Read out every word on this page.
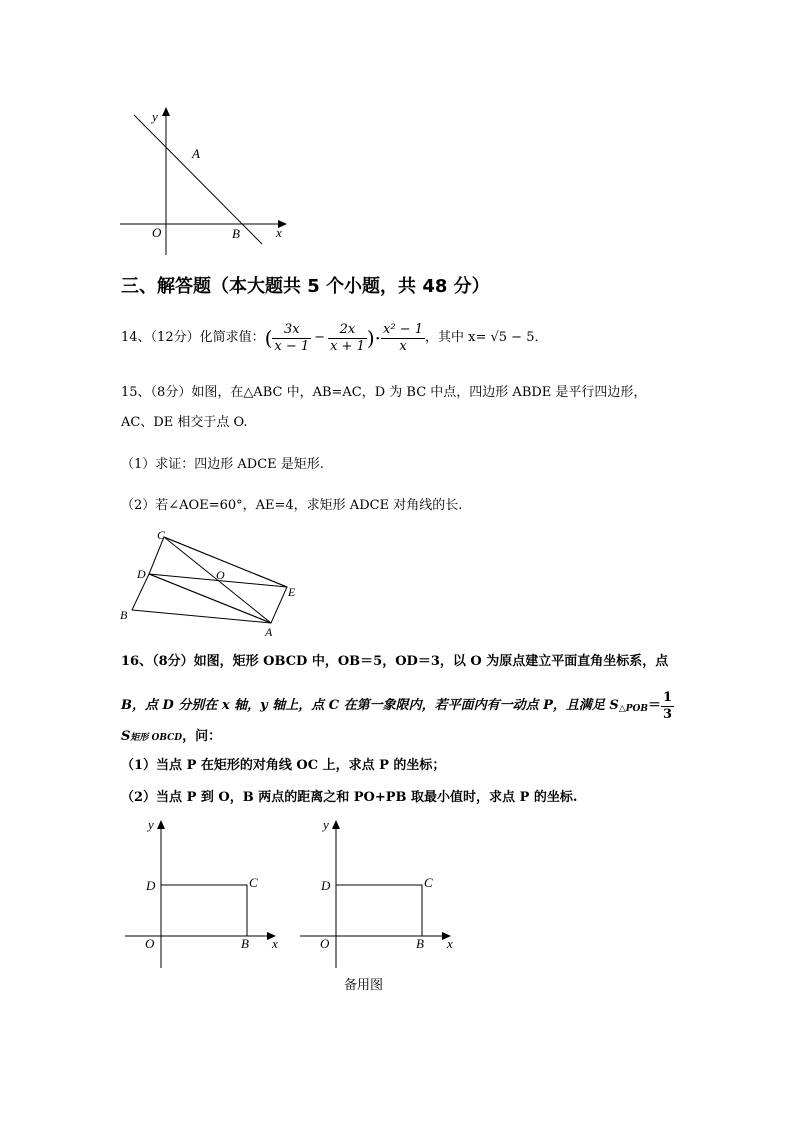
y
x
O
A
B
三、解答题（本大题共 5 个小题，共 48 分）
14、（12分）化简求值： ( $\frac{3x}{x - 1} - \frac{2x}{x + 1}$ )· $\frac{\text{x² − 1}}{x}$ ，其中 x= √5 − 5．
15、（8分）如图，在△ABC 中，AB=AC，D 为 BC 中点，四边形 ABDE 是平行四边形，
AC、DE 相交于点 O.
（1）求证：四边形 ADCE 是矩形.
（2）若∠AOE=60°，AE=4，求矩形 ADCE 对角线的长.
C
D	O
E
B
A
16、（8分）如图，矩形 OBCD 中，OB＝5，OD＝3，以 O 为原点建立平面直角坐标系，点
B，点 D 分别在 x 轴，y 轴上，点 C 在第一象限内，若平面内有一动点 P，且满足 S △POB ＝ $\frac{1}{3}$
S矩形 OBCD，问：
（1）当点 P 在矩形的对角线 OC 上，求点 P 的坐标；
（2）当点 P 到 O，B 两点的距离之和 PO+PB 取最小值时，求点 P 的坐标.
y
x
D	C
O	B
y
x
D	C
O	B
备用图
